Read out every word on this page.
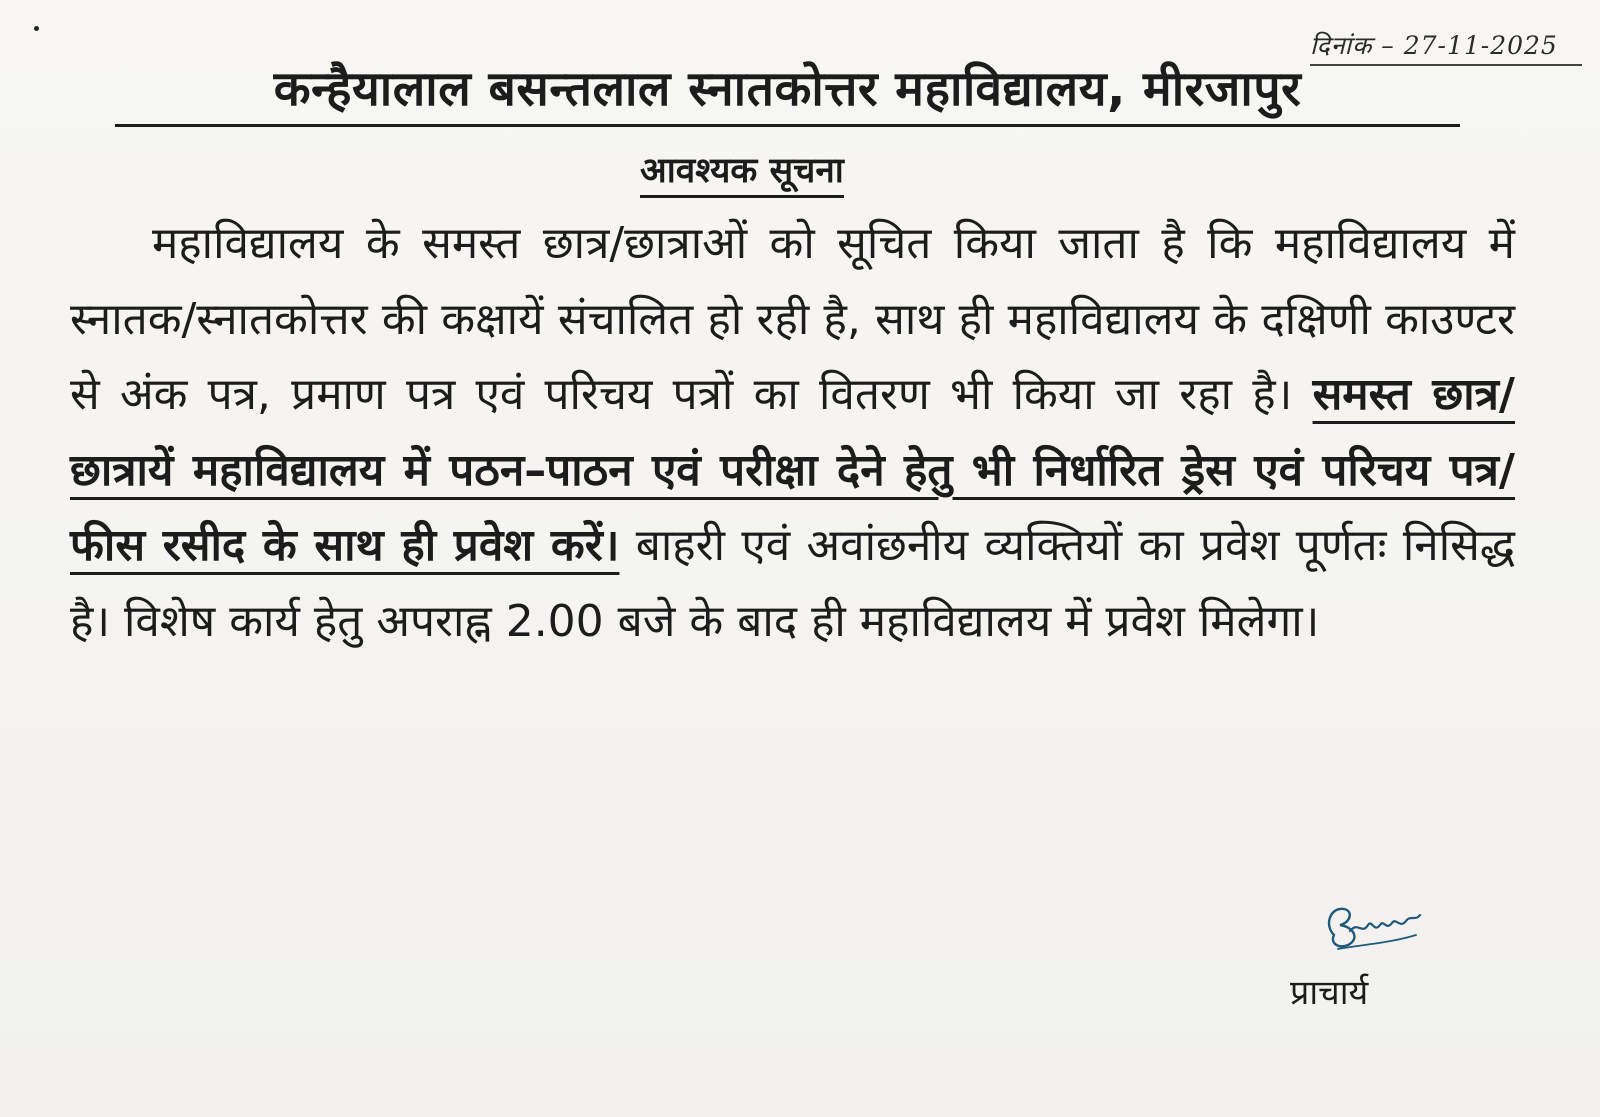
दिनांक – 27-11-2025
कन्हैयालाल बसन्तलाल स्नातकोत्तर महाविद्यालय, मीरजापुर
आवश्यक सूचना
महाविद्यालय के समस्त छात्र/छात्राओं को सूचित किया जाता है कि महाविद्यालय में स्नातक/स्नातकोत्तर की कक्षायें संचालित हो रही है, साथ ही महाविद्यालय के दक्षिणी काउण्टर से अंक पत्र, प्रमाण पत्र एवं परिचय पत्रों का वितरण भी किया जा रहा है। समस्त छात्र/छात्रायें महाविद्यालय में पठन–पाठन एवं परीक्षा देने हेतु भी निर्धारित ड्रेस एवं परिचय पत्र/फीस रसीद के साथ ही प्रवेश करें। बाहरी एवं अवांछनीय व्यक्तियों का प्रवेश पूर्णतः निसिद्ध है। विशेष कार्य हेतु अपराह्न 2.00 बजे के बाद ही महाविद्यालय में प्रवेश मिलेगा।
प्राचार्य
